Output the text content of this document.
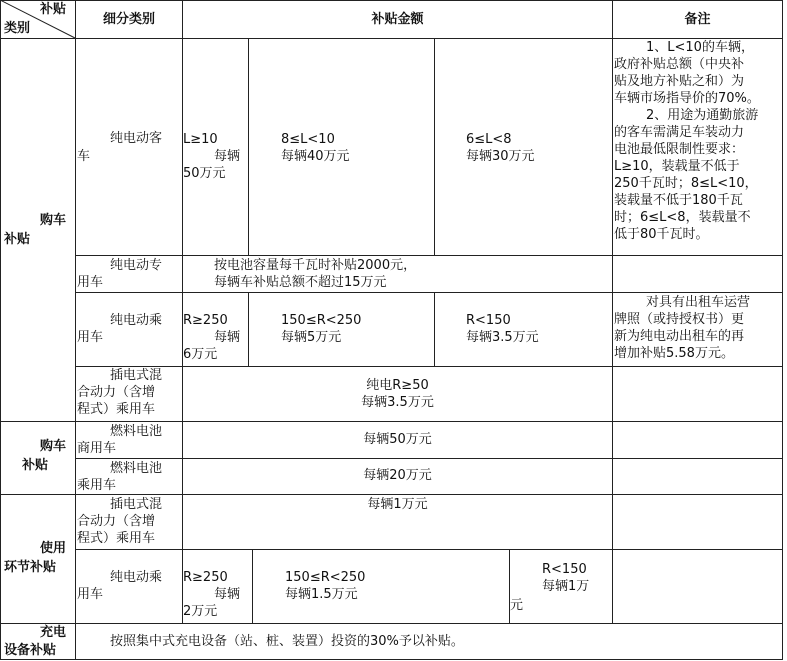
补贴
类别
细分类别	补贴金额	备注
购车
补贴
纯电动客
车
L≥10
每辆
50万元
8≤L<10
每辆40万元
6≤L<8
每辆30万元
1、L<10的车辆，
政府补贴总额（中央补
贴及地方补贴之和）为
车辆市场指导价的70%。
2、用途为通勤旅游
的客车需满足车装动力
电池最低限制性要求：
L≥10，装载量不低于
250千瓦时；8≤L<10，
装载量不低于180千瓦
时；6≤L<8，装载量不
低于80千瓦时。
纯电动专
用车
按电池容量每千瓦时补贴2000元，
每辆车补贴总额不超过15万元
纯电动乘
用车
R≥250
每辆
6万元
150≤R<250
每辆5万元
R<150
每辆3.5万元
对具有出租车运营
牌照（或持授权书）更
新为纯电动出租车的再
增加补贴5.58万元。
插电式混
合动力（含增
程式）乘用车
纯电R≥50
每辆3.5万元
购车
补贴
燃料电池
商用车
每辆50万元
燃料电池
乘用车
每辆20万元
使用
环节补贴
插电式混
合动力（含增
程式）乘用车
每辆1万元
纯电动乘
用车
R≥250
每辆
2万元
150≤R<250
每辆1.5万元
R<150
每辆1万
元
充电
设备补贴
按照集中式充电设备（站、桩、装置）投资的30%予以补贴。
